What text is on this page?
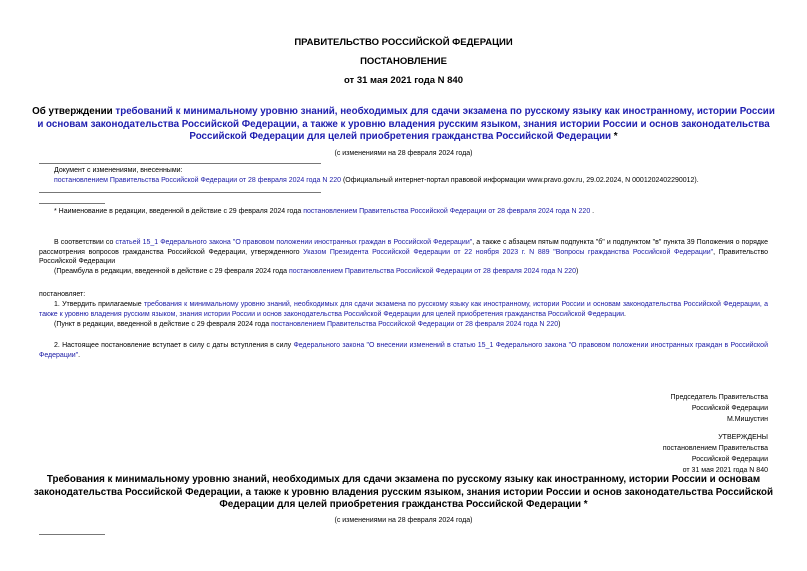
ПРАВИТЕЛЬСТВО РОССИЙСКОЙ ФЕДЕРАЦИИ
ПОСТАНОВЛЕНИЕ
от 31 мая 2021 года N 840
Об утверждении требований к минимальному уровню знаний, необходимых для сдачи экзамена по русскому языку как иностранному, истории России и основам законодательства Российской Федерации, а также к уровню владения русским языком, знания истории России и основ законодательства Российской Федерации для целей приобретения гражданства Российской Федерации *
(с изменениями на 28 февраля 2024 года)
Документ с изменениями, внесенными:
постановлением Правительства Российской Федерации от 28 февраля 2024 года N 220 (Официальный интернет-портал правовой информации www.pravo.gov.ru, 29.02.2024, N 0001202402290012).
* Наименование в редакции, введенной в действие с 29 февраля 2024 года постановлением Правительства Российской Федерации от 28 февраля 2024 года N 220 .
В соответствии со статьей 15_1 Федерального закона "О правовом положении иностранных граждан в Российской Федерации", а также с абзацем пятым подпункта "б" и подпунктом "в" пункта 39 Положения о порядке рассмотрения вопросов гражданства Российской Федерации, утвержденного Указом Президента Российской Федерации от 22 ноября 2023 г. N 889 "Вопросы гражданства Российской Федерации", Правительство Российской Федерации
(Преамбула в редакции, введенной в действие с 29 февраля 2024 года постановлением Правительства Российской Федерации от 28 февраля 2024 года N 220)
постановляет:
1. Утвердить прилагаемые требования к минимальному уровню знаний, необходимых для сдачи экзамена по русскому языку как иностранному, истории России и основам законодательства Российской Федерации, а также к уровню владения русским языком, знания истории России и основ законодательства Российской Федерации для целей приобретения гражданства Российской Федерации.
(Пункт в редакции, введенной в действие с 29 февраля 2024 года постановлением Правительства Российской Федерации от 28 февраля 2024 года N 220)
2. Настоящее постановление вступает в силу с даты вступления в силу Федерального закона "О внесении изменений в статью 15_1 Федерального закона "О правовом положении иностранных граждан в Российской Федерации".
Председатель Правительства
Российской Федерации
М.Мишустин
УТВЕРЖДЕНЫ
постановлением Правительства
Российской Федерации
от 31 мая 2021 года N 840
Требования к минимальному уровню знаний, необходимых для сдачи экзамена по русскому языку как иностранному, истории России и основам законодательства Российской Федерации, а также к уровню владения русским языком, знания истории России и основ законодательства Российской Федерации для целей приобретения гражданства Российской Федерации *
(с изменениями на 28 февраля 2024 года)
